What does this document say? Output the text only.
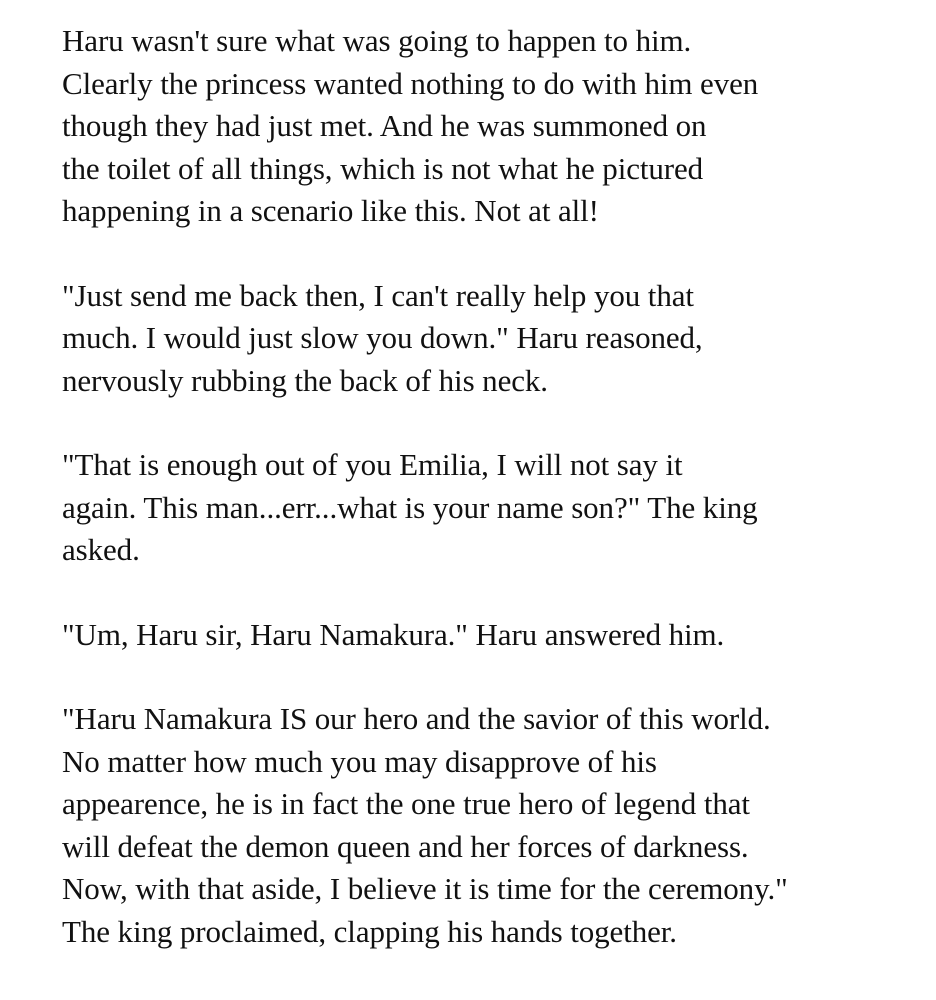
Haru wasn't sure what was going to happen to him.
Clearly the princess wanted nothing to do with him even
though they had just met. And he was summoned on
the toilet of all things, which is not what he pictured
happening in a scenario like this. Not at all!

"Just send me back then, I can't really help you that
much. I would just slow you down." Haru reasoned,
nervously rubbing the back of his neck.

"That is enough out of you Emilia, I will not say it
again. This man...err...what is your name son?" The king
asked.

"Um, Haru sir, Haru Namakura." Haru answered him.

"Haru Namakura IS our hero and the savior of this world.
No matter how much you may disapprove of his
appearence, he is in fact the one true hero of legend that
will defeat the demon queen and her forces of darkness.
Now, with that aside, I believe it is time for the ceremony."
The king proclaimed, clapping his hands together.
